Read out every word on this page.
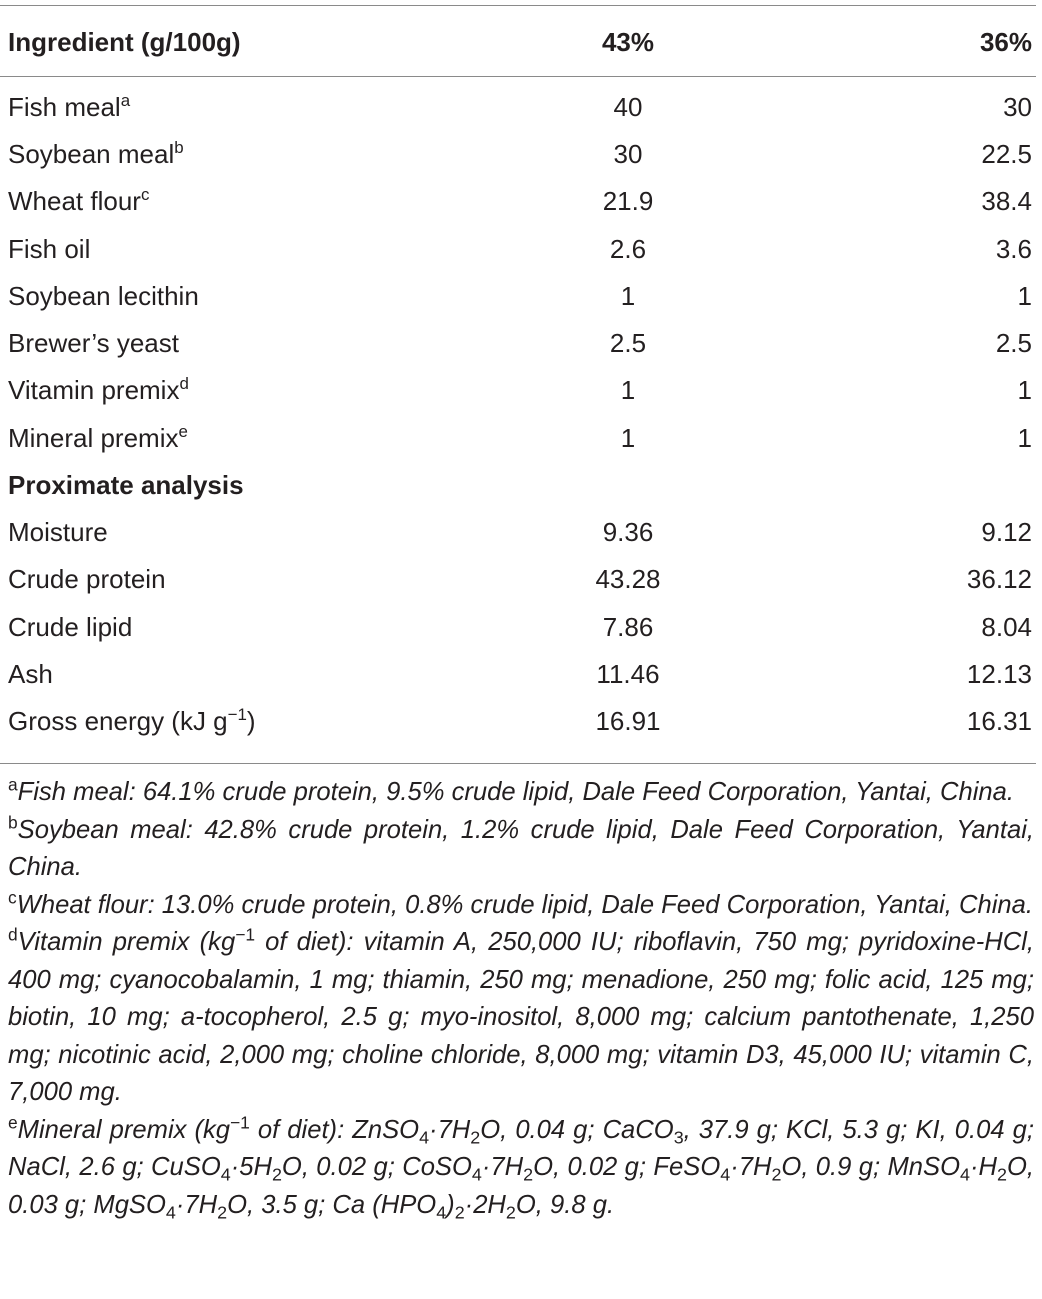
Ingredient (g/100g)	43%	36%

Fish meal$^a$	40	30
Soybean meal$^b$	30	22.5
Wheat flour$^c$	21.9	38.4
Fish oil	2.6	3.6
Soybean lecithin	1	1
Brewer’s yeast	2.5	2.5
Vitamin premix$^d$	1	1
Mineral premix$^e$	1	1
Proximate analysis		
Moisture	9.36	9.12
Crude protein	43.28	36.12
Crude lipid	7.86	8.04
Ash	11.46	12.13
Gross energy (kJ $g^{-1}$)	16.91	16.31
$^a$Fish meal: 64.1% crude protein, 9.5% crude lipid, Dale Feed Corporation, Yantai, China.
$^b$Soybean meal: 42.8% crude protein, 1.2% crude lipid, Dale Feed Corporation, Yantai, China.
$^c$Wheat flour: 13.0% crude protein, 0.8% crude lipid, Dale Feed Corporation, Yantai, China.
$^d$Vitamin premix ($kg^{-1}$ of diet): vitamin A, 250,000 IU; riboflavin, 750 mg; pyridoxine-HCl, 400 mg; cyanocobalamin, 1 mg; thiamin, 250 mg; menadione, 250 mg; folic acid, 125 mg; biotin, 10 mg; a-tocopherol, 2.5 g; myo-inositol, 8,000 mg; calcium pantothenate, 1,250 mg; nicotinic acid, 2,000 mg; choline chloride, 8,000 mg; vitamin D3, 45,000 IU; vitamin C, 7,000 mg.
$^e$Mineral premix ($kg^{-1}$ of diet): $ZnSO_4\cdot 7H_2O$, 0.04 g; CaCO$_3$, 37.9 g; KCl, 5.3 g; KI, 0.04 g; NaCl, 2.6 g; $CuSO_4\cdot 5H_2O$, 0.02 g; $CoSO_4\cdot 7H_2O$, 0.02 g; $FeSO_4\cdot 7H_2O$, 0.9 g; $MnSO_4\cdot H_2O$, 0.03 g; $MgSO_4\cdot 7H_2O$, 3.5 g; Ca $(HPO_4)_2\cdot 2H_2O$, 9.8 g.
